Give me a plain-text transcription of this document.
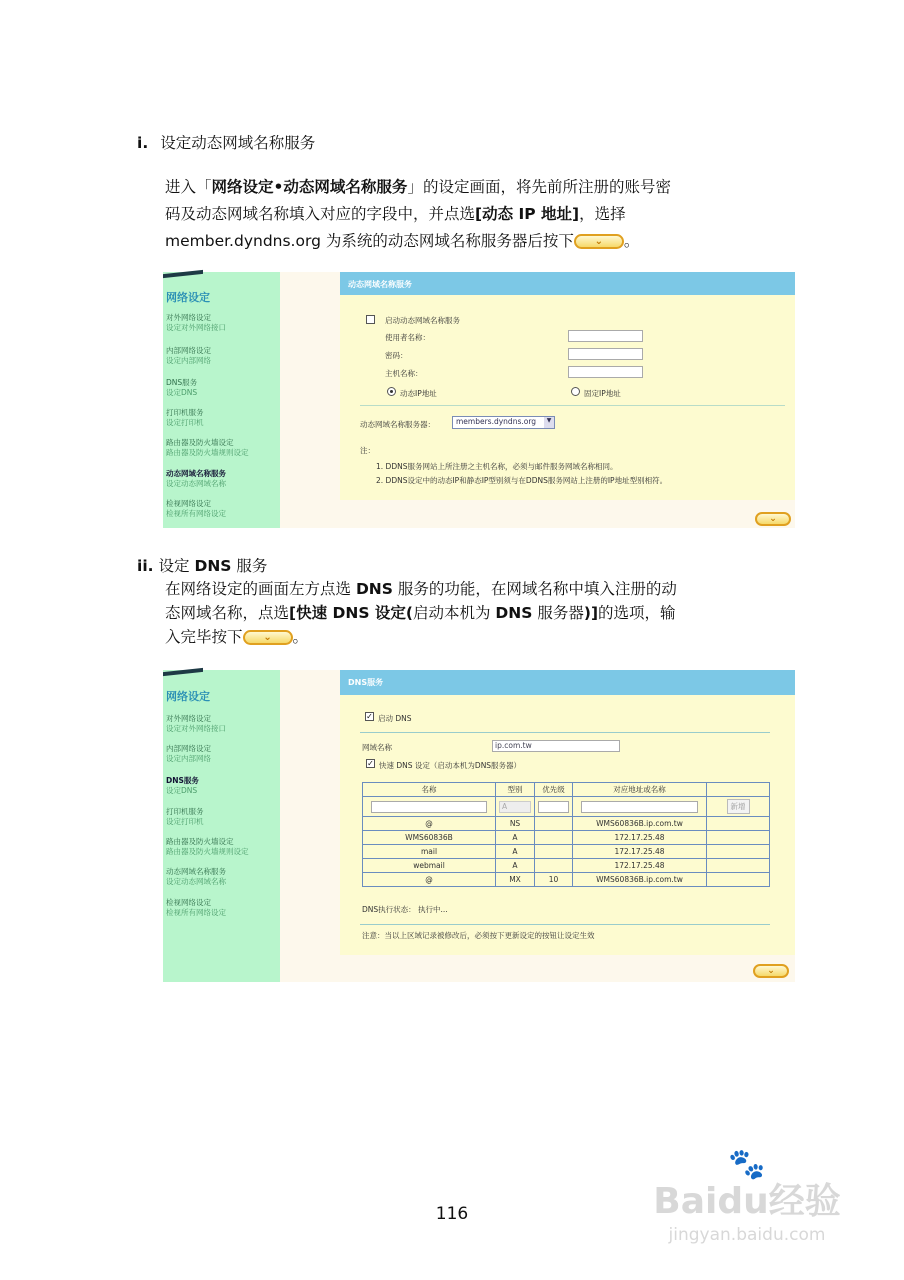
i. 设定动态网域名称服务
进入「网络设定•动态网域名称服务」的设定画面，将先前所注册的账号密
码及动态网域名称填入对应的字段中，并点选[动态 IP 地址]，选择
member.dyndns.org 为系统的动态网域名称服务器后按下 ⌄ 。
网络设定
对外网络设定
设定对外网络接口
内部网络设定
设定内部网络
DNS服务
设定DNS
打印机服务
设定打印机
路由器及防火墙设定
路由器及防火墙规则设定
动态网域名称服务
设定动态网域名称
检视网络设定
检视所有网络设定
动态网域名称服务
启动动态网域名称服务
使用者名称：
密码：
主机名称：
动态IP地址	固定IP地址
动态网域名称服务器：	members.dyndns.org	▼
注：
1. DDNS服务网站上所注册之主机名称，必须与邮件服务网域名称相同。
2. DDNS设定中的动态IP和静态IP型别须与在DDNS服务网站上注册的IP地址型别相符。
⌄
ii. 设定 DNS 服务
在网络设定的画面左方点选 DNS 服务的功能，在网域名称中填入注册的动
态网域名称，点选[快速 DNS 设定(启动本机为 DNS 服务器)]的选项，输
入完毕按下 ⌄ 。
网络设定
对外网络设定
设定对外网络接口
内部网络设定
设定内部网络
DNS服务
设定DNS
打印机服务
设定打印机
路由器及防火墙设定
路由器及防火墙规则设定
动态网域名称服务
设定动态网域名称
检视网络设定
检视所有网络设定
DNS服务
✓ 启动 DNS
网域名称	ip.com.tw
✓ 快速 DNS 设定（启动本机为DNS服务器）
名称	型别	优先级	对应地址或名称	

	A			新增
@	NS		WMS60836B.ip.com.tw	
WMS60836B	A		172.17.25.48	
mail	A		172.17.25.48	
webmail	A		172.17.25.48	
@	MX	10	WMS60836B.ip.com.tw	
DNS执行状态： 执行中...
注意：当以上区域记录被修改后，必须按下更新设定的按钮让设定生效
⌄
116
🐾
Baidu经验
jingyan.baidu.com
